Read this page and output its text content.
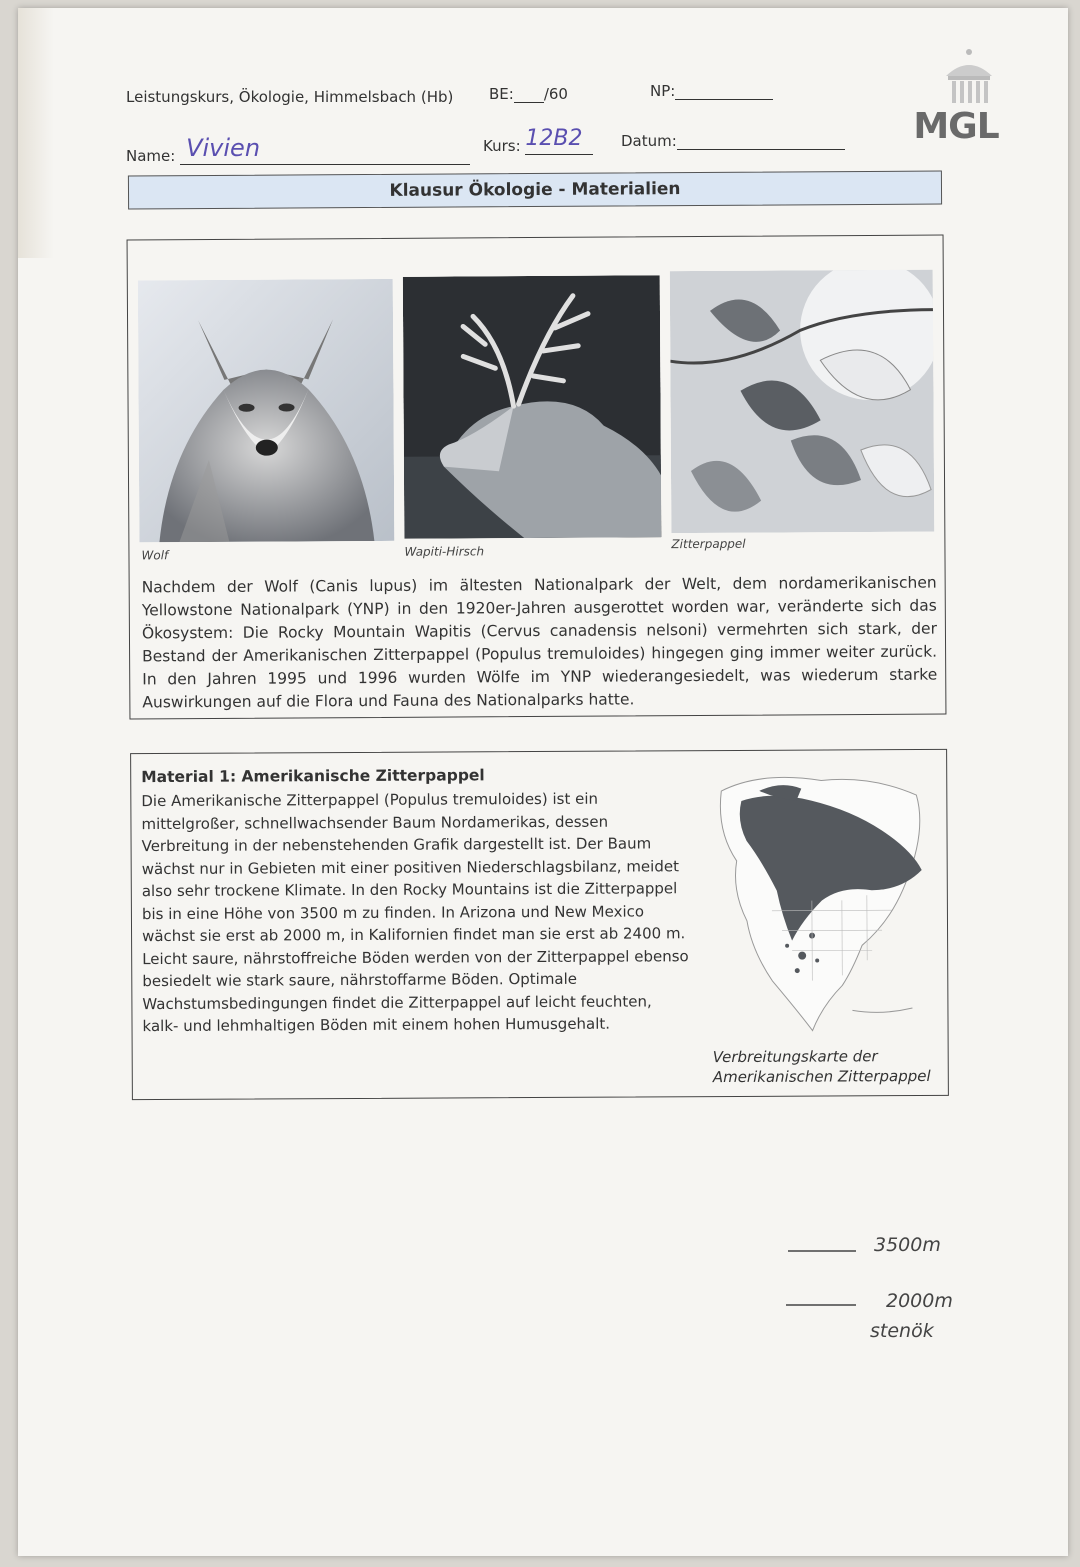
Leistungskurs, Ökologie, Himmelsbach (Hb) BE: /60	NP:
Name: Vivien	Kurs: 12B2	Datum:	MGL
Klausur Ökologie - Materialien
Wolf	Wapiti-Hirsch
Zitterpappel
Nachdem der Wolf (Canis lupus) im ältesten Nationalpark der Welt, dem nordamerikanischen Yellowstone Nationalpark (YNP) in den 1920er-Jahren ausgerottet worden war, veränderte sich das Ökosystem: Die Rocky Mountain Wapitis (Cervus canadensis nelsoni) vermehrten sich stark, der Bestand der Amerikanischen Zitterpappel (Populus tremuloides) hingegen ging immer weiter zurück. In den Jahren 1995 und 1996 wurden Wölfe im YNP wiederangesiedelt, was wiederum starke Auswirkungen auf die Flora und Fauna des Nationalparks hatte.
Material 1: Amerikanische Zitterpappel
Die Amerikanische Zitterpappel (Populus tremuloides) ist ein mittelgroßer, schnellwachsender Baum Nordamerikas, dessen Verbreitung in der nebenstehenden Grafik dargestellt ist. Der Baum wächst nur in Gebieten mit einer positiven Niederschlagsbilanz, meidet also sehr trockene Klimate. In den Rocky Mountains ist die Zitterpappel bis in eine Höhe von 3500 m zu finden. In Arizona und New Mexico wächst sie erst ab 2000 m, in Kalifornien findet man sie erst ab 2400 m. Leicht saure, nährstoffreiche Böden werden von der Zitterpappel ebenso besiedelt wie stark saure, nährstoffarme Böden. Optimale Wachstumsbedingungen findet die Zitterpappel auf leicht feuchten, kalk- und lehmhaltigen Böden mit einem hohen Humusgehalt.
Verbreitungskarte der Amerikanischen Zitterpappel
3500m
2000m
stenök
